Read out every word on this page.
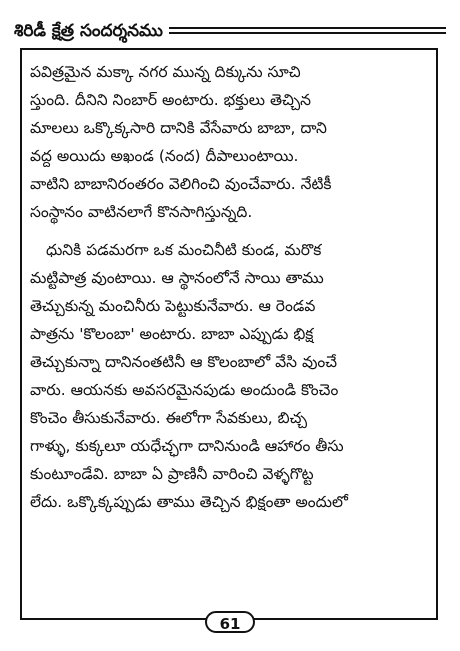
శిరిడీ క్షేత్ర సందర్శనము
పవిత్రమైన మక్కా నగర మున్న దిక్కును సూచి
స్తుంది. దీనిని నింబార్ అంటారు. భక్తులు తెచ్చిన
మాలలు ఒక్కొక్కసారి దానికి వేసేవారు బాబా, దాని
వద్ద అయిదు అఖండ (నంద) దీపాలుంటాయి.
వాటిని బాబానిరంతరం వెలిగించి వుంచేవారు. నేటికీ
సంస్థానం వాటినలాగే కొనసాగిస్తున్నది.
ధునికి పడమరగా ఒక మంచినీటి కుండ, మరొక
మట్టిపాత్ర వుంటాయి. ఆ స్థానంలోనే సాయి తాము
తెచ్చుకున్న మంచినీరు పెట్టుకునేవారు. ఆ రెండవ
పాత్రను 'కొలంబా' అంటారు. బాబా ఎప్పుడు భిక్ష
తెచ్చుకున్నా దానినంతటినీ ఆ కొలంబాలో వేసి వుంచే
వారు. ఆయనకు అవసరమైనపుడు అందుండి కొంచెం
కొంచెం తీసుకునేవారు. ఈలోగా సేవకులు, బిచ్చ
గాళ్ళు, కుక్కలూ యధేచ్ఛగా దానినుండి ఆహారం తీసు
కుంటూండేవి. బాబా ఏ ప్రాణినీ వారించి వెళ్ళగొట్ట
లేదు. ఒక్కొక్కప్పుడు తాము తెచ్చిన భిక్షంతా అందులో
61
